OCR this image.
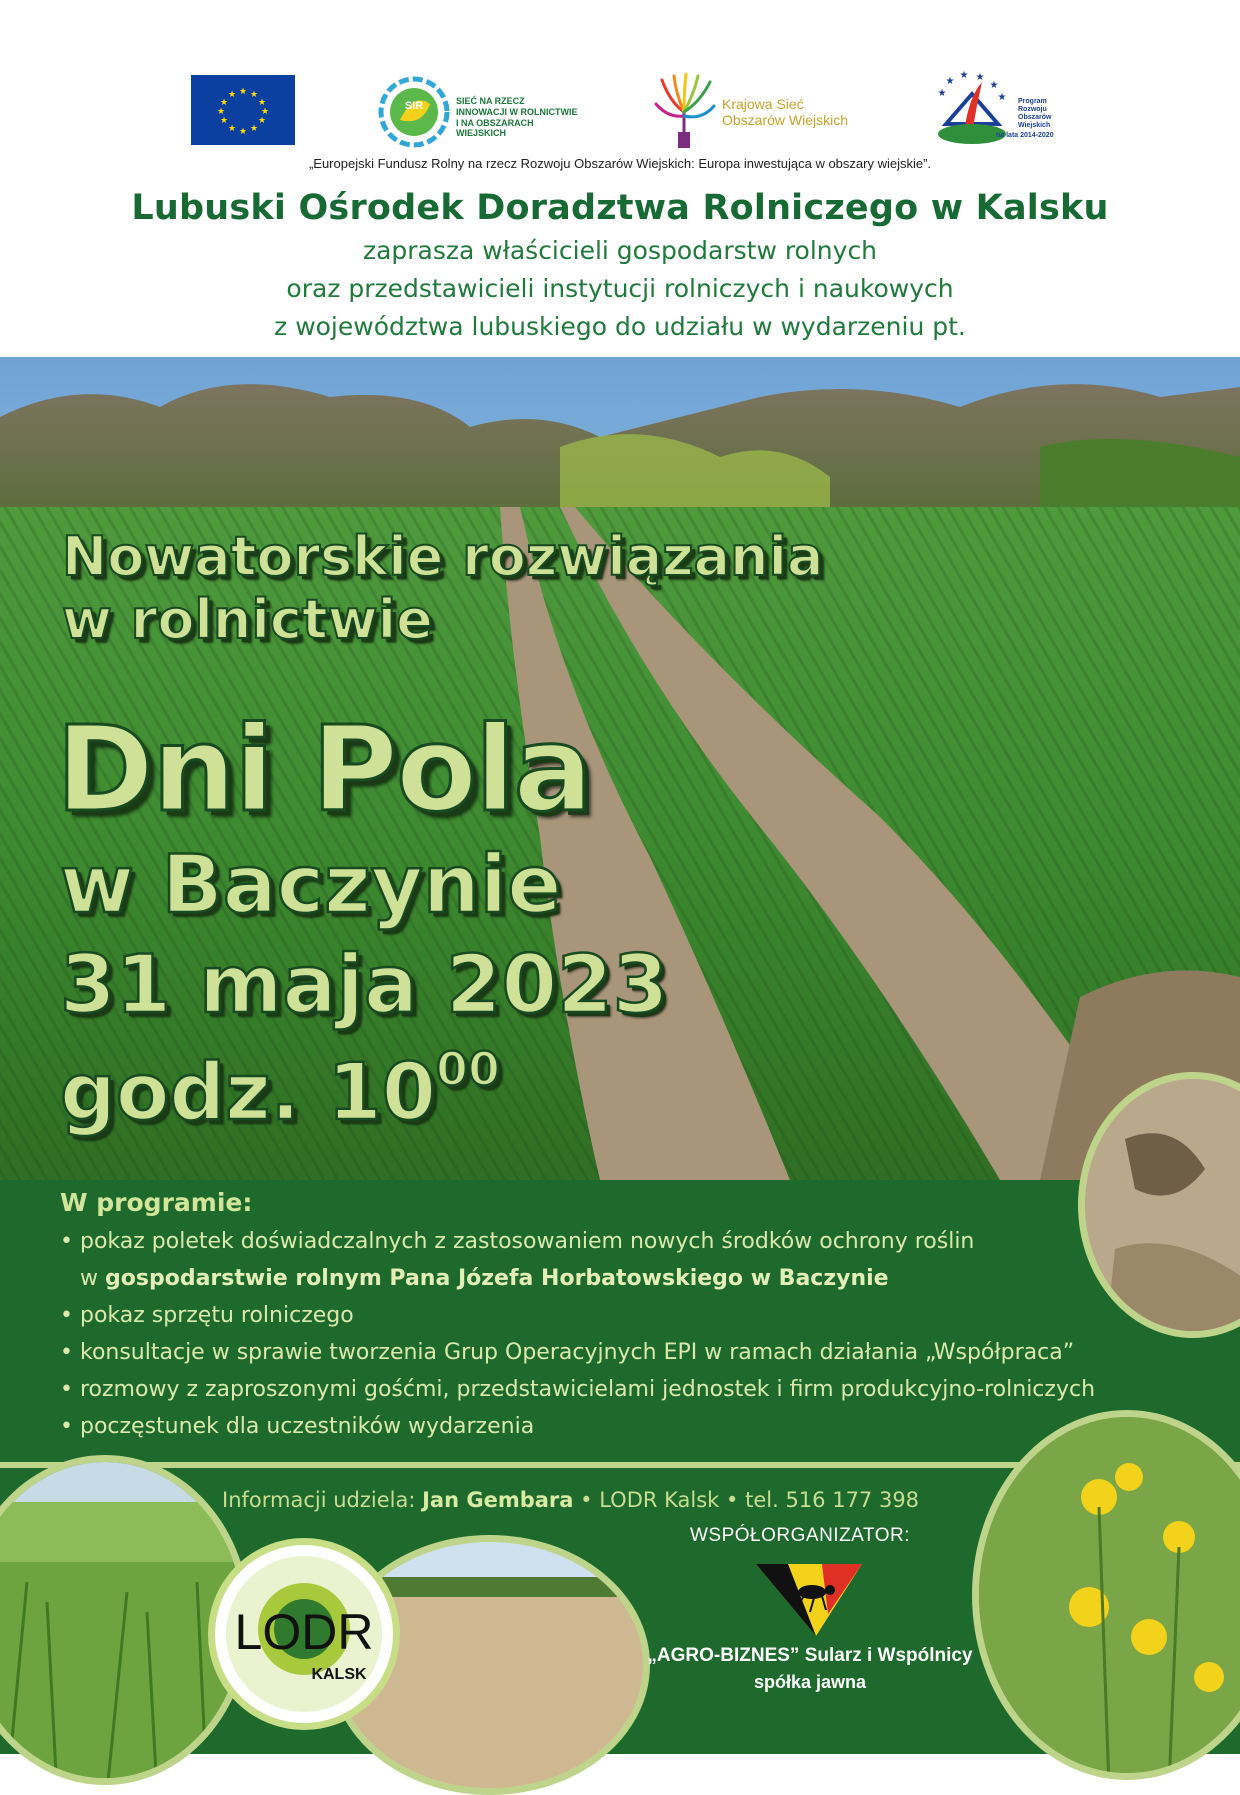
★ ★
★
★
★
★
★
★
★
★
★
★
SIR	SIEĆ NA RZECZ
INNOWACJI W ROLNICTWIE
I NA OBSZARACH WIEJSKICH
Krajowa Sieć
Obszarów Wiejskich
★
★
★ ★
★
★ Program
Rozwoju
Obszarów
Wiejskich
na lata 2014-2020
„Europejski Fundusz Rolny na rzecz Rozwoju Obszarów Wiejskich: Europa inwestująca w obszary wiejskie”.
Lubuski Ośrodek Doradztwa Rolniczego w Kalsku
zaprasza właścicieli gospodarstw rolnych
oraz przedstawicieli instytucji rolniczych i naukowych
z województwa lubuskiego do udziału w wydarzeniu pt.
Nowatorskie rozwiązania
w rolnictwie
Dni Pola
w Baczynie
31 maja 2023
godz. $10^{00}$
W programie:
• pokaz poletek doświadczalnych z zastosowaniem nowych środków ochrony roślin
w gospodarstwie rolnym Pana Józefa Horbatowskiego w Baczynie
• pokaz sprzętu rolniczego
• konsultacje w sprawie tworzenia Grup Operacyjnych EPI w ramach działania „Współpraca”
• rozmowy z zaproszonymi gośćmi, przedstawicielami jednostek i firm produkcyjno-rolniczych
• poczęstunek dla uczestników wydarzenia
LODR
KALSK
Informacji udziela: Jan Gembara • LODR Kalsk • tel. 516 177 398
WSPÓŁORGANIZATOR:
„AGRO-BIZNES” Sularz i Wspólnicy
spółka jawna
